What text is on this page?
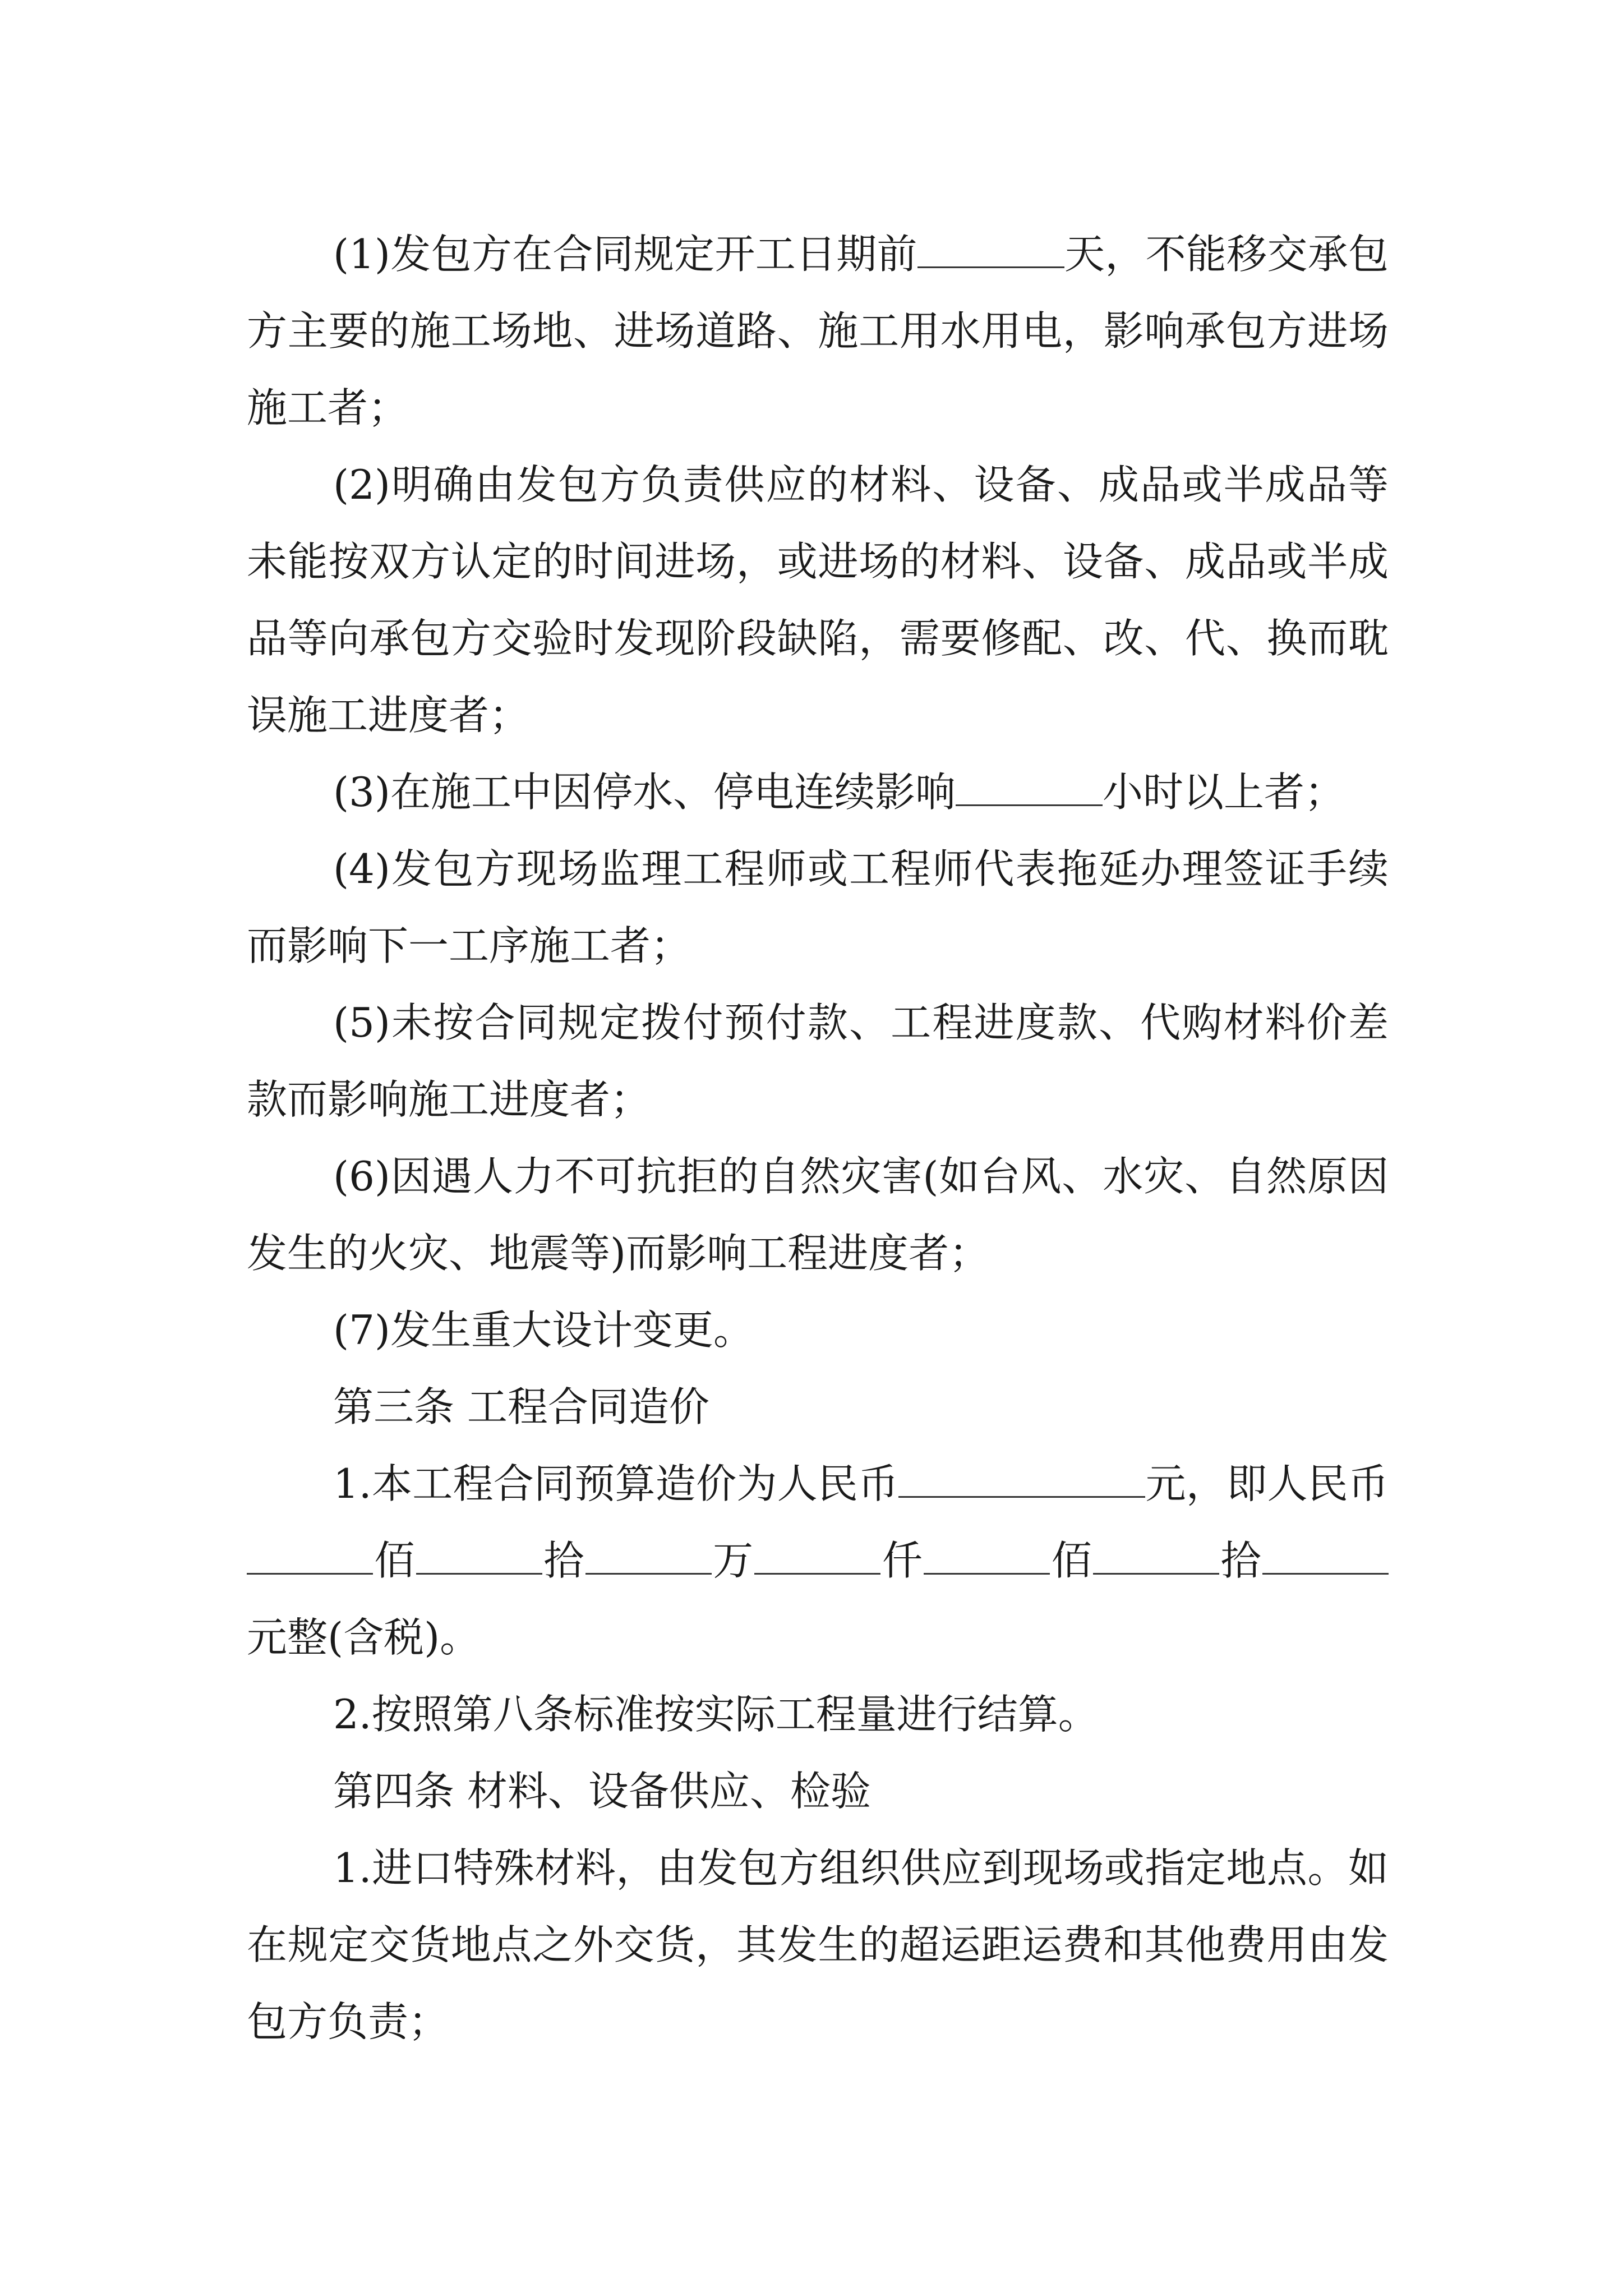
(1)发包方在合同规定开工日期前	天，不能移交承包方主要的施工场地、进场道路、施工用水用电，影响承包方进场施工者；

(2)明确由发包方负责供应的材料、设备、成品或半成品等未能按双方认定的时间进场，或进场的材料、设备、成品或半成品等向承包方交验时发现阶段缺陷，需要修配、改、代、换而耽误施工进度者；

(3)在施工中因停水、停电连续影响	小时以上者；

(4)发包方现场监理工程师或工程师代表拖延办理签证手续而影响下一工序施工者；

(5)未按合同规定拨付预付款、工程进度款、代购材料价差款而影响施工进度者；

(6)因遇人力不可抗拒的自然灾害(如台风、水灾、自然原因发生的火灾、地震等)而影响工程进度者；

(7)发生重大设计变更。

第三条 工程合同造价

1.本工程合同预算造价为人民币	元，即人民币佰	拾	万	仟	佰	拾元整(含税)。

2.按照第八条标准按实际工程量进行结算。

第四条 材料、设备供应、检验

1.进口特殊材料，由发包方组织供应到现场或指定地点。如在规定交货地点之外交货，其发生的超运距运费和其他费用由发包方负责；
